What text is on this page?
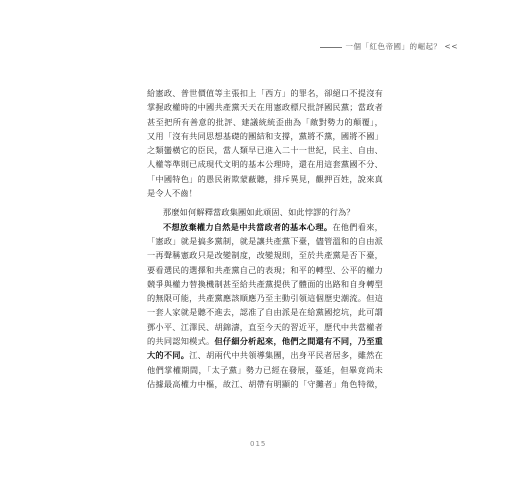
一個「紅色帝國」的崛起？ <<
給憲政、普世價值等主張扣上「西方」的罪名，卻絕口不提沒有
掌握政權時的中國共產黨天天在用憲政標尺批評國民黨；當政者
甚至把所有善意的批評、建議統統歪曲為「敵對勢力的顛覆」，
又用「沒有共同思想基礎的團結和支撐，黨將不黨，國將不國」
之類蠻橫它的臣民，當人類早已進入二十一世紀，民主、自由、
人權等準則已成現代文明的基本公理時，還在用這套黨國不分、
「中國特色」的愚民術欺蒙蔽聽，排斥異見，觀押百姓，說來真
是令人不齒！
那麼如何解釋當政集團如此頑固、如此悖謬的行為？
不想放棄權力自然是中共當政者的基本心理。在他們看來，
「憲政」就是搞多黨制，就是讓共產黨下臺，儘管溫和的自由派
一再聲稱憲政只是改變制度，改變規則，至於共產黨是否下臺，
要看選民的選擇和共產黨自己的表現；和平的轉型、公平的權力
競爭與權力替換機制甚至給共產黨提供了體面的出路和自身轉型
的無限可能，共產黨應該順應乃至主動引領這個歷史潮流。但這
一套人家就是聽不進去，認准了自由派是在給黨國挖坑，此可謂
鄧小平、江澤民、胡錦濤，直至今天的習近平，歷代中共當權者
的共同認知模式。但仔細分析起來，他們之間還有不同，乃至重
大的不同。江、胡兩代中共領導集團，出身平民者居多，雖然在
他們掌權期間，「太子黨」勢力已經在發展，蔓延，但畢竟尚未
佔據最高權力中樞，故江、胡帶有明顯的「守攤者」角色特徵，
015
